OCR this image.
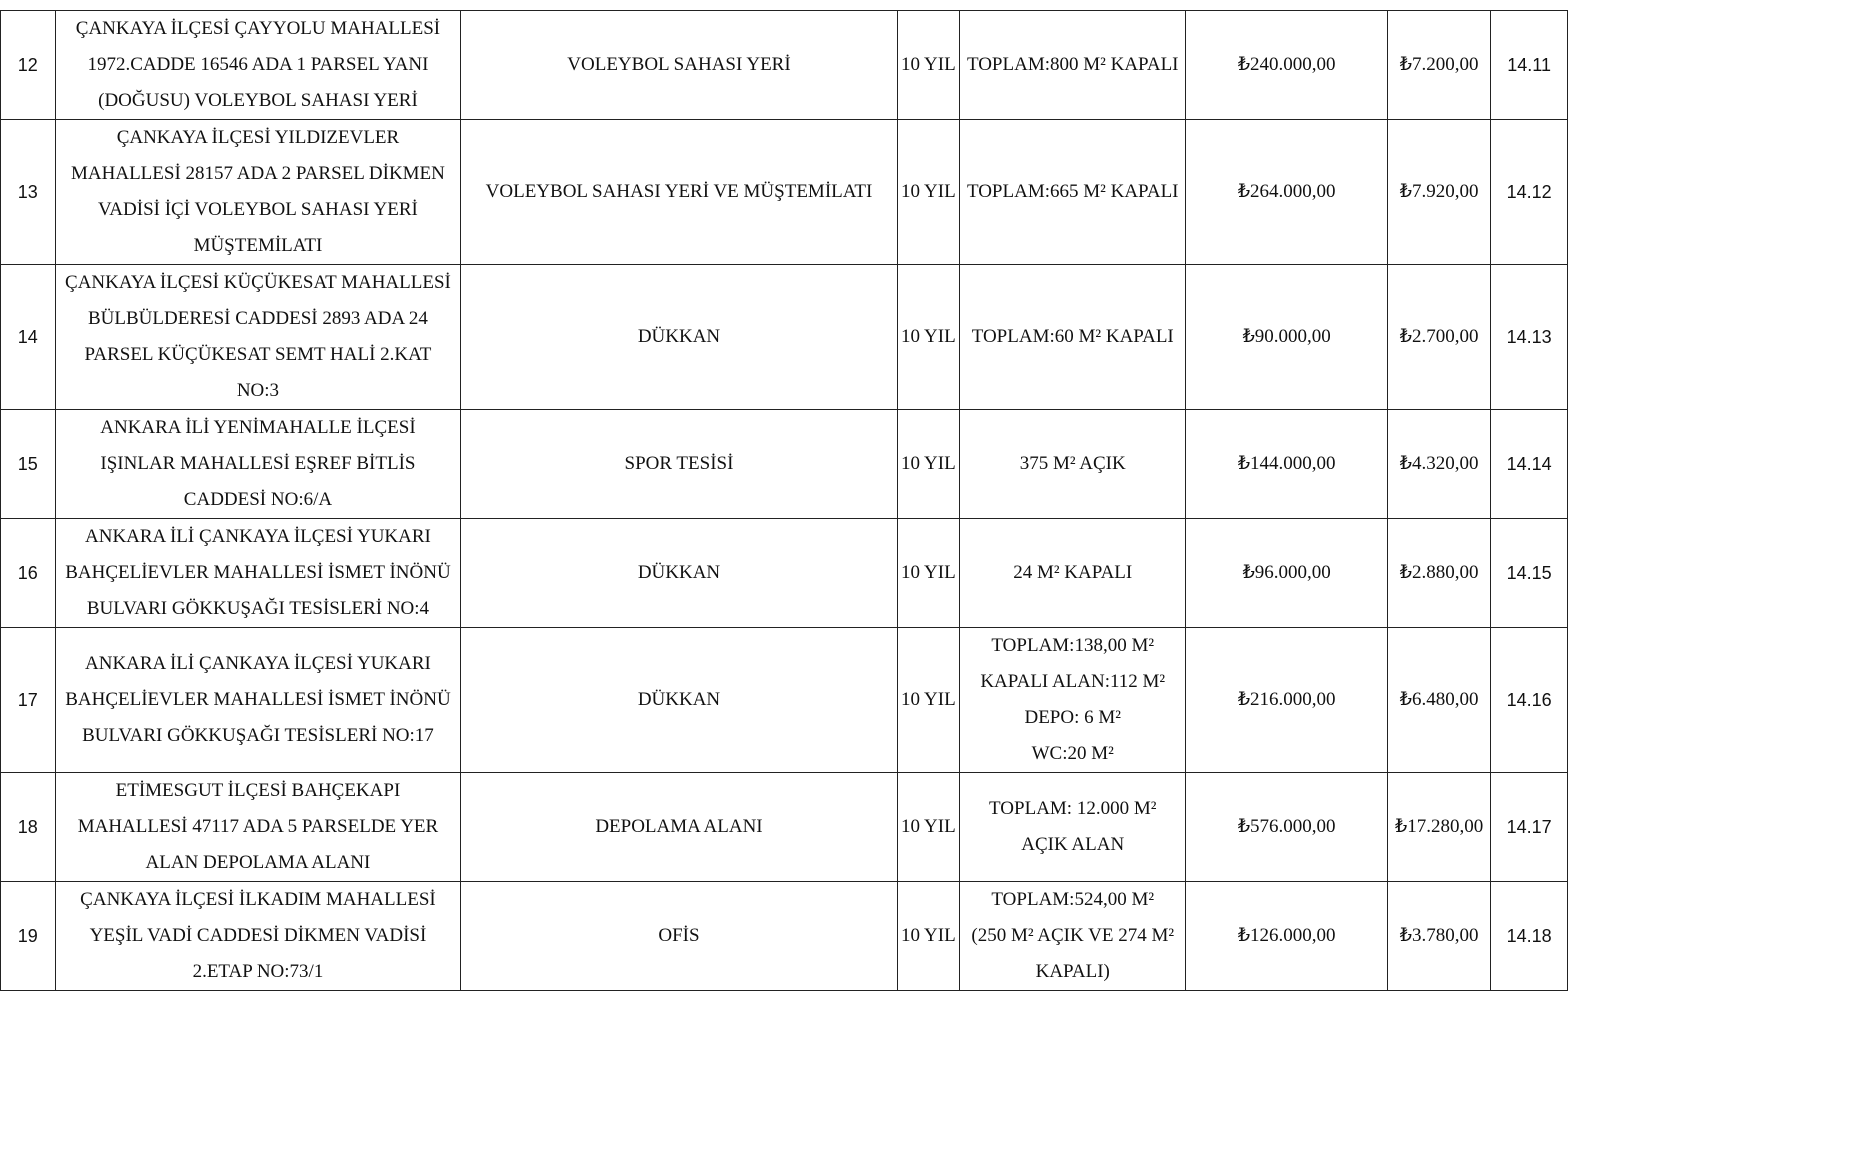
12	ÇANKAYA İLÇESİ ÇAYYOLU MAHALLESİ
1972.CADDE 16546 ADA 1 PARSEL YANI
(DOĞUSU) VOLEYBOL SAHASI YERİ	VOLEYBOL SAHASI YERİ	10 YIL	TOPLAM:800 M² KAPALI	₺240.000,00	₺7.200,00	14.11
13	ÇANKAYA İLÇESİ YILDIZEVLER
MAHALLESİ 28157 ADA 2 PARSEL DİKMEN
VADİSİ İÇİ VOLEYBOL SAHASI YERİ
MÜŞTEMİLATI	VOLEYBOL SAHASI YERİ VE MÜŞTEMİLATI	10 YIL	TOPLAM:665 M² KAPALI	₺264.000,00	₺7.920,00	14.12
14	ÇANKAYA İLÇESİ KÜÇÜKESAT MAHALLESİ
BÜLBÜLDERESİ CADDESİ 2893 ADA 24
PARSEL KÜÇÜKESAT SEMT HALİ 2.KAT
NO:3	DÜKKAN	10 YIL	TOPLAM:60 M² KAPALI	₺90.000,00	₺2.700,00	14.13
15	ANKARA İLİ YENİMAHALLE İLÇESİ
IŞINLAR MAHALLESİ EŞREF BİTLİS
CADDESİ NO:6/A	SPOR TESİSİ	10 YIL	375 M² AÇIK	₺144.000,00	₺4.320,00	14.14
16	ANKARA İLİ ÇANKAYA İLÇESİ YUKARI
BAHÇELİEVLER MAHALLESİ İSMET İNÖNÜ
BULVARI GÖKKUŞAĞI TESİSLERİ NO:4	DÜKKAN	10 YIL	24 M² KAPALI	₺96.000,00	₺2.880,00	14.15
17	ANKARA İLİ ÇANKAYA İLÇESİ YUKARI
BAHÇELİEVLER MAHALLESİ İSMET İNÖNÜ
BULVARI GÖKKUŞAĞI TESİSLERİ NO:17	DÜKKAN	10 YIL	TOPLAM:138,00 M²
KAPALI ALAN:112 M²
DEPO: 6 M²
WC:20 M²	₺216.000,00	₺6.480,00	14.16
18	ETİMESGUT İLÇESİ BAHÇEKAPI
MAHALLESİ 47117 ADA 5 PARSELDE YER
ALAN DEPOLAMA ALANI	DEPOLAMA ALANI	10 YIL	TOPLAM: 12.000 M²
AÇIK ALAN	₺576.000,00	₺17.280,00	14.17
19	ÇANKAYA İLÇESİ İLKADIM MAHALLESİ
YEŞİL VADİ CADDESİ DİKMEN VADİSİ
2.ETAP NO:73/1	OFİS	10 YIL	TOPLAM:524,00 M²
(250 M² AÇIK VE 274 M²
KAPALI)	₺126.000,00	₺3.780,00	14.18
